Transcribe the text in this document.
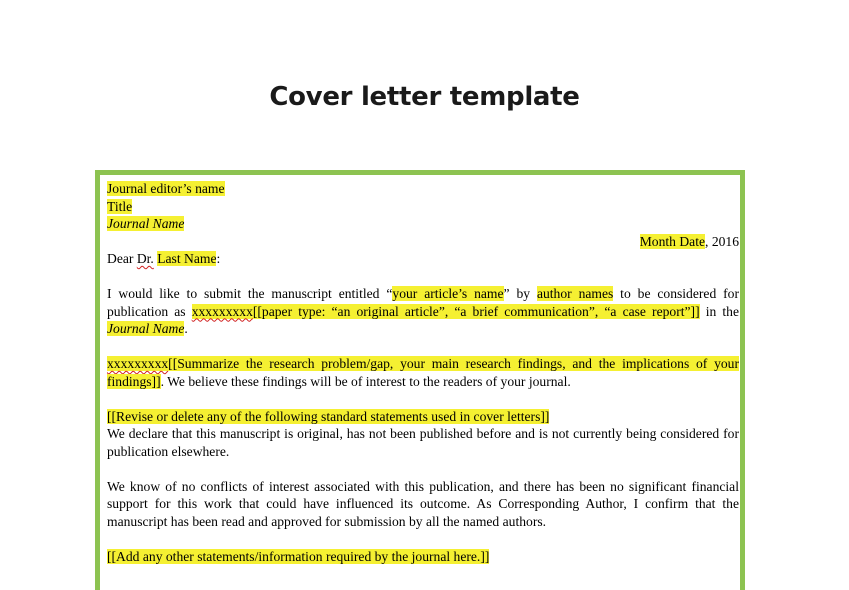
Cover letter template

Journal editor’s name

Title

Journal Name

Month Date, 2016

Dear Dr. Last Name:

I would like to submit the manuscript entitled “your article’s name” by author names to be considered for publication as xxxxxxxxx[[paper type: “an original article”, “a brief communication”, “a case report”]] in the Journal Name.

xxxxxxxxx[[Summarize the research problem/gap, your main research findings, and the implications of your findings]]. We believe these findings will be of interest to the readers of your journal.

[[Revise or delete any of the following standard statements used in cover letters]]

We declare that this manuscript is original, has not been published before and is not currently being considered for publication elsewhere.

We know of no conflicts of interest associated with this publication, and there has been no significant financial support for this work that could have influenced its outcome. As Corresponding Author, I confirm that the manuscript has been read and approved for submission by all the named authors.

[[Add any other statements/information required by the journal here.]]
